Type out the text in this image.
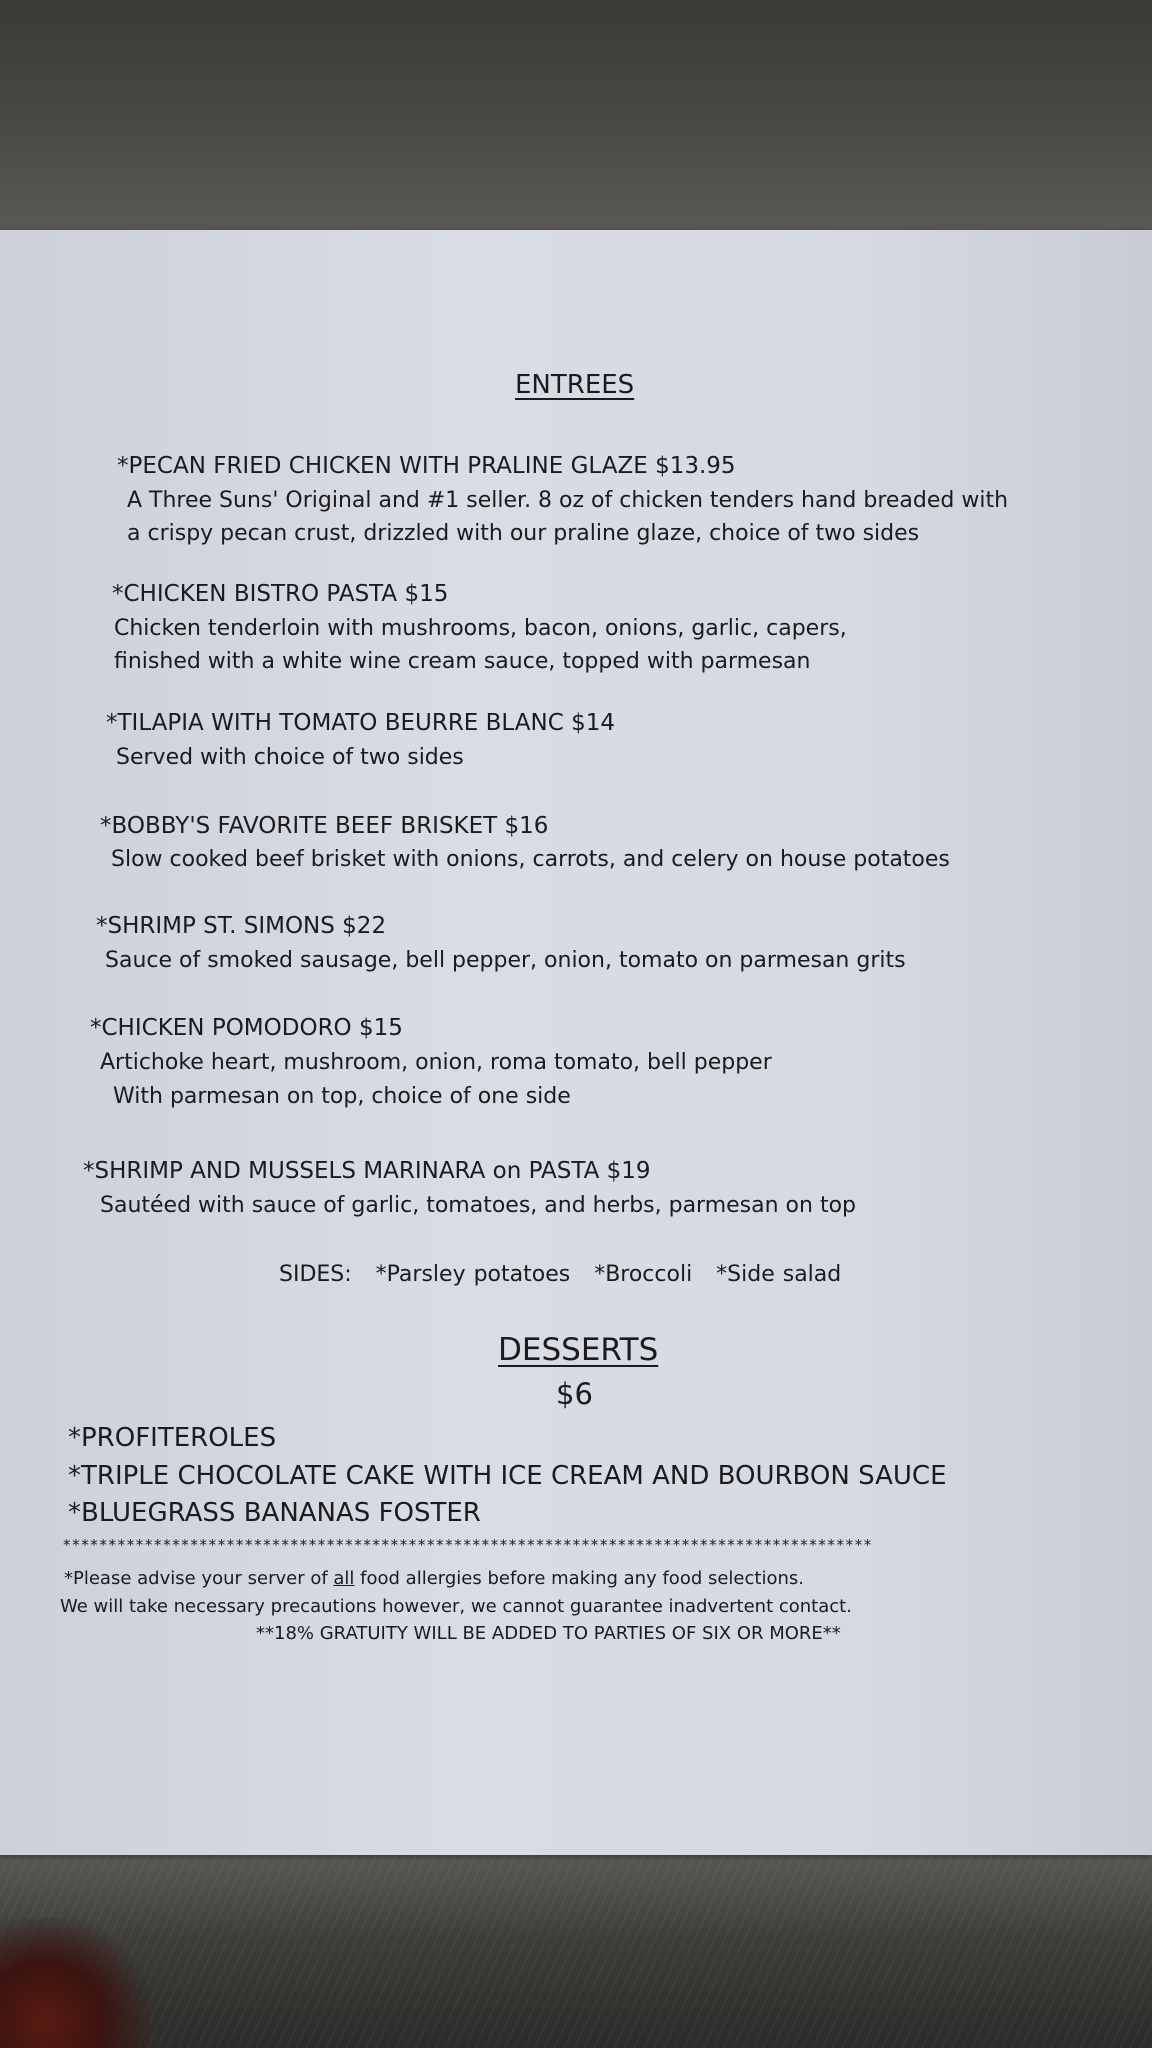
ENTREES
*PECAN FRIED CHICKEN WITH PRALINE GLAZE $13.95
A Three Suns' Original and #1 seller. 8 oz of chicken tenders hand breaded with
a crispy pecan crust, drizzled with our praline glaze, choice of two sides
*CHICKEN BISTRO PASTA $15
Chicken tenderloin with mushrooms, bacon, onions, garlic, capers,
finished with a white wine cream sauce, topped with parmesan
*TILAPIA WITH TOMATO BEURRE BLANC $14
Served with choice of two sides
*BOBBY'S FAVORITE BEEF BRISKET $16
Slow cooked beef brisket with onions, carrots, and celery on house potatoes
*SHRIMP ST. SIMONS $22
Sauce of smoked sausage, bell pepper, onion, tomato on parmesan grits
*CHICKEN POMODORO $15
Artichoke heart, mushroom, onion, roma tomato, bell pepper
With parmesan on top, choice of one side
*SHRIMP AND MUSSELS MARINARA on PASTA $19
Sautéed with sauce of garlic, tomatoes, and herbs, parmesan on top
SIDES: *Parsley potatoes *Broccoli *Side salad
DESSERTS
$6
*PROFITEROLES
*TRIPLE CHOCOLATE CAKE WITH ICE CREAM AND BOURBON SAUCE
*BLUEGRASS BANANAS FOSTER
*****************************************************************************************
*Please advise your server of all food allergies before making any food selections.
We will take necessary precautions however, we cannot guarantee inadvertent contact.
**18% GRATUITY WILL BE ADDED TO PARTIES OF SIX OR MORE**
